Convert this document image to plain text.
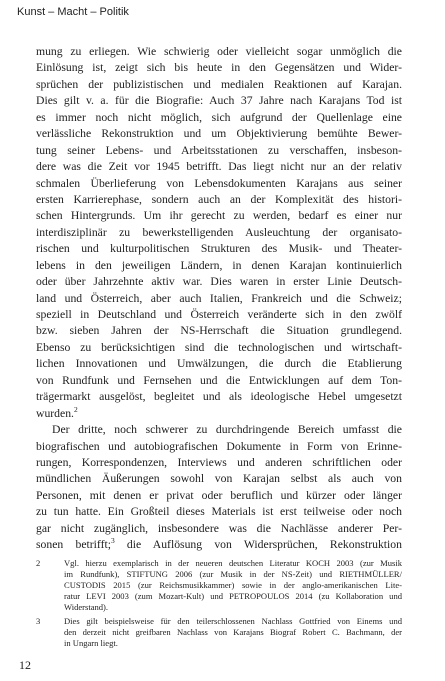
Kunst – Macht – Politik
mung zu erliegen. Wie schwierig oder vielleicht sogar unmöglich die
Einlösung ist, zeigt sich bis heute in den Gegensätzen und Wider-
sprüchen der publizistischen und medialen Reaktionen auf Karajan.
Dies gilt v. a. für die Biografie: Auch 37 Jahre nach Karajans Tod ist
es immer noch nicht möglich, sich aufgrund der Quellenlage eine
verlässliche Rekonstruktion und um Objektivierung bemühte Bewer-
tung seiner Lebens- und Arbeitsstationen zu verschaffen, insbeson-
dere was die Zeit vor 1945 betrifft. Das liegt nicht nur an der relativ
schmalen Überlieferung von Lebensdokumenten Karajans aus seiner
ersten Karrierephase, sondern auch an der Komplexität des histori-
schen Hintergrunds. Um ihr gerecht zu werden, bedarf es einer nur
interdisziplinär zu bewerkstelligenden Ausleuchtung der organisato-
rischen und kulturpolitischen Strukturen des Musik- und Theater-
lebens in den jeweiligen Ländern, in denen Karajan kontinuierlich
oder über Jahrzehnte aktiv war. Dies waren in erster Linie Deutsch-
land und Österreich, aber auch Italien, Frankreich und die Schweiz;
speziell in Deutschland und Österreich veränderte sich in den zwölf
bzw. sieben Jahren der NS-Herrschaft die Situation grundlegend.
Ebenso zu berücksichtigen sind die technologischen und wirtschaft-
lichen Innovationen und Umwälzungen, die durch die Etablierung
von Rundfunk und Fernsehen und die Entwicklungen auf dem Ton-
trägermarkt ausgelöst, begleitet und als ideologische Hebel umgesetzt
wurden.$^2$
Der dritte, noch schwerer zu durchdringende Bereich umfasst die
biografischen und autobiografischen Dokumente in Form von Erinne-
rungen, Korrespondenzen, Interviews und anderen schriftlichen oder
mündlichen Äußerungen sowohl von Karajan selbst als auch von
Personen, mit denen er privat oder beruflich und kürzer oder länger
zu tun hatte. Ein Großteil dieses Materials ist erst teilweise oder noch
gar nicht zugänglich, insbesondere was die Nachlässe anderer Per-
sonen betrifft;$^3$ die Auflösung von Widersprüchen, Rekonstruktion
2	Vgl. hierzu exemplarisch in der neueren deutschen Literatur KOCH 2003 (zur Musik
im Rundfunk), STIFTUNG 2006 (zur Musik in der NS-Zeit) und RIETHMÜLLER/
CUSTODIS 2015 (zur Reichsmusikkammer) sowie in der anglo-amerikanischen Lite-
ratur LEVI 2003 (zum Mozart-Kult) und PETROPOULOS 2014 (zu Kollaboration und
Widerstand).
3	Dies gilt beispielsweise für den teilerschlossenen Nachlass Gottfried von Einems und
den derzeit nicht greifbaren Nachlass von Karajans Biograf Robert C. Bachmann, der
in Ungarn liegt.
12
